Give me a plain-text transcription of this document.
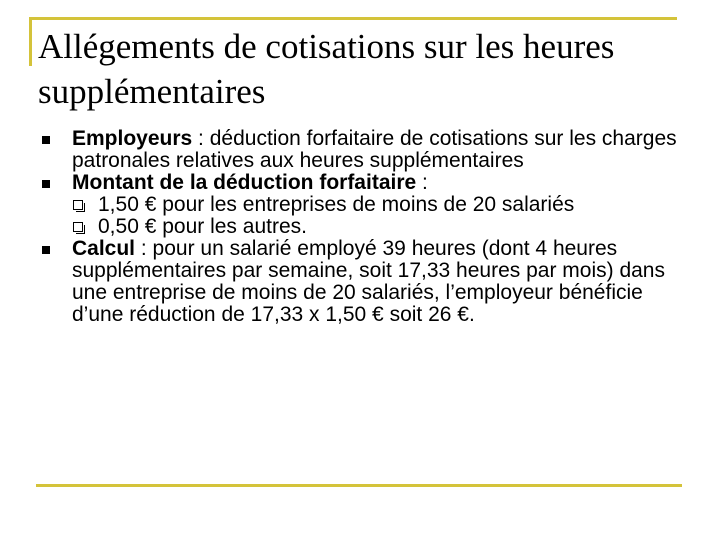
Allégements de cotisations sur les heures supplémentaires

Employeurs : déduction forfaitaire de cotisations sur les charges patronales relatives aux heures supplémentaires

Montant de la déduction forfaitaire :

1,50 € pour les entreprises de moins de 20 salariés

0,50 € pour les autres.

Calcul : pour un salarié employé 39 heures (dont 4 heures supplémentaires par semaine, soit 17,33 heures par mois) dans une entreprise de moins de 20 salariés, l’employeur bénéficie d’une réduction de 17,33 x 1,50 € soit 26 €.
